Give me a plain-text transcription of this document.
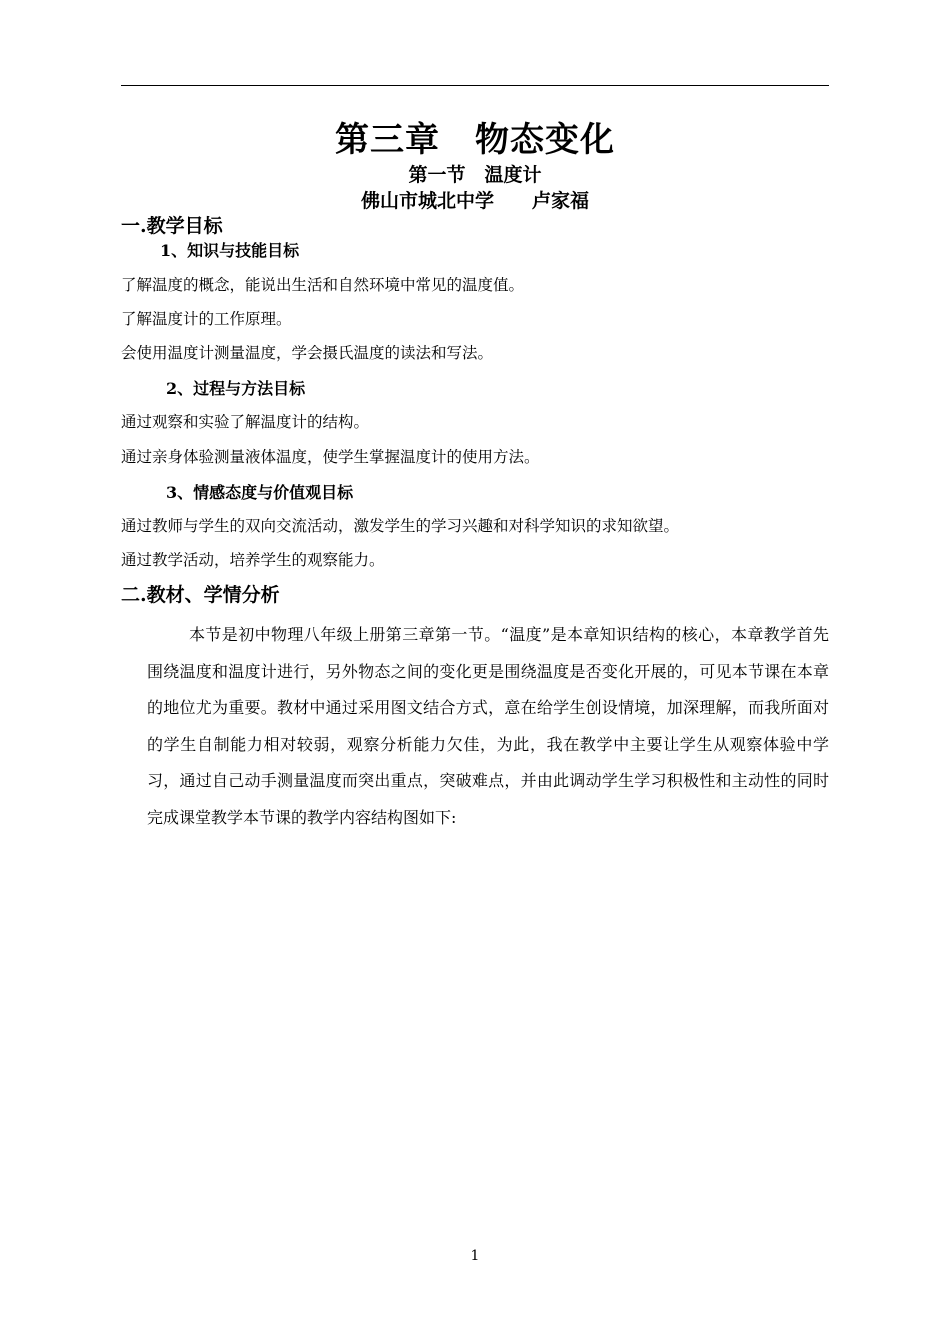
第三章　物态变化
第一节　温度计
佛山市城北中学　　卢家福
一.教学目标
1、知识与技能目标
了解温度的概念，能说出生活和自然环境中常见的温度值。
了解温度计的工作原理。
会使用温度计测量温度，学会摄氏温度的读法和写法。
2、过程与方法目标
通过观察和实验了解温度计的结构。
通过亲身体验测量液体温度，使学生掌握温度计的使用方法。
3、情感态度与价值观目标
通过教师与学生的双向交流活动，激发学生的学习兴趣和对科学知识的求知欲望。
通过教学活动，培养学生的观察能力。
二.教材、学情分析
本节是初中物理八年级上册第三章第一节。“温度”是本章知识结构的核心，本章教学首先围绕温度和温度计进行，另外物态之间的变化更是围绕温度是否变化开展的，可见本节课在本章的地位尤为重要。教材中通过采用图文结合方式，意在给学生创设情境，加深理解，而我所面对的学生自制能力相对较弱，观察分析能力欠佳，为此，我在教学中主要让学生从观察体验中学习，通过自己动手测量温度而突出重点，突破难点，并由此调动学生学习积极性和主动性的同时完成课堂教学本节课的教学内容结构图如下:
1
